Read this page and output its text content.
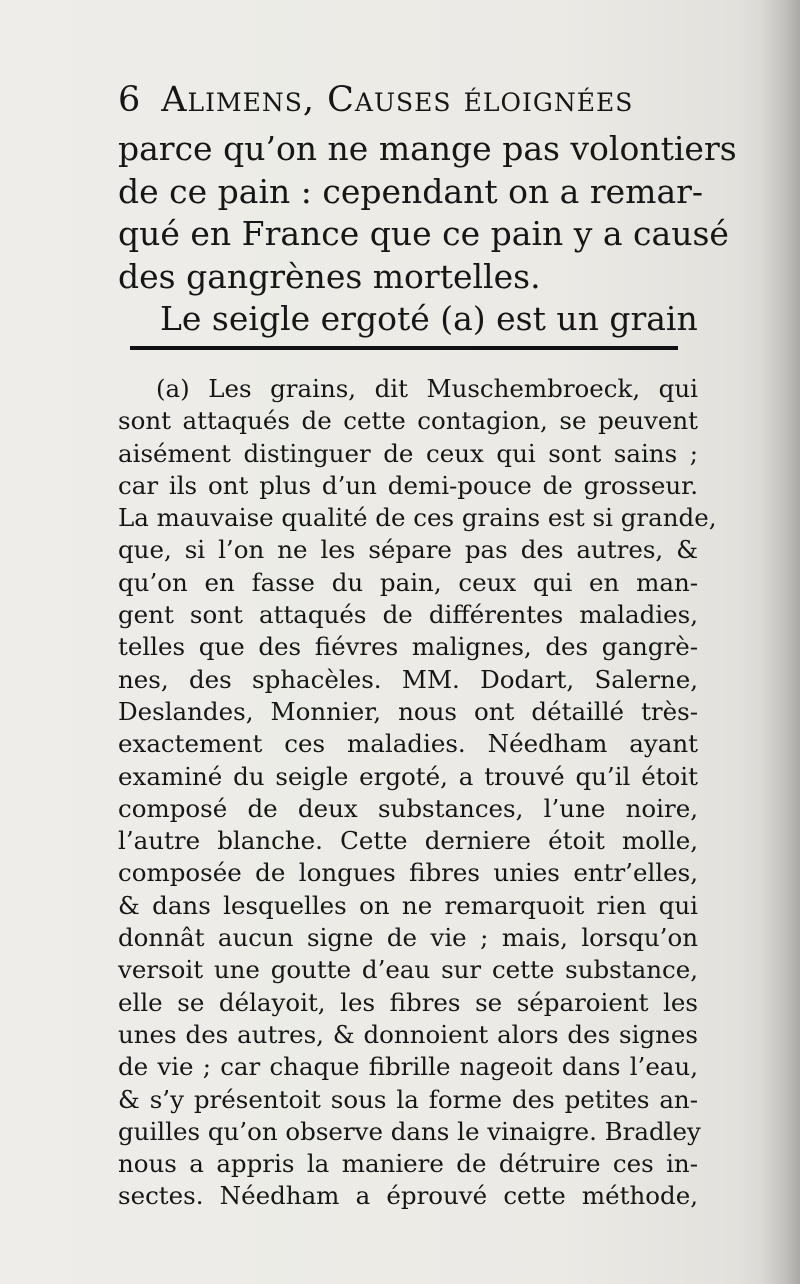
6 Alimens, Causes éloignées
parce qu’on ne mange pas volontiers
de ce pain : cependant on a remar-
qué en France que ce pain y a causé
des gangrènes mortelles.
Le seigle ergoté (a) est un grain
(a) Les grains, dit Muschembroeck, qui
sont attaqués de cette contagion, se peuvent
aisément distinguer de ceux qui sont sains ;
car ils ont plus d’un demi-pouce de grosseur.
La mauvaise qualité de ces grains est si grande,
que, si l’on ne les sépare pas des autres, &
qu’on en fasse du pain, ceux qui en man-
gent sont attaqués de différentes maladies,
telles que des fiévres malignes, des gangrè-
nes, des sphacèles. MM. Dodart, Salerne,
Deslandes, Monnier, nous ont détaillé très-
exactement ces maladies. Néedham ayant
examiné du seigle ergoté, a trouvé qu’il étoit
composé de deux substances, l’une noire,
l’autre blanche. Cette derniere étoit molle,
composée de longues fibres unies entr’elles,
& dans lesquelles on ne remarquoit rien qui
donnât aucun signe de vie ; mais, lorsqu’on
versoit une goutte d’eau sur cette substance,
elle se délayoit, les fibres se séparoient les
unes des autres, & donnoient alors des signes
de vie ; car chaque fibrille nageoit dans l’eau,
& s’y présentoit sous la forme des petites an-
guilles qu’on observe dans le vinaigre. Bradley
nous a appris la maniere de détruire ces in-
sectes. Néedham a éprouvé cette méthode,
